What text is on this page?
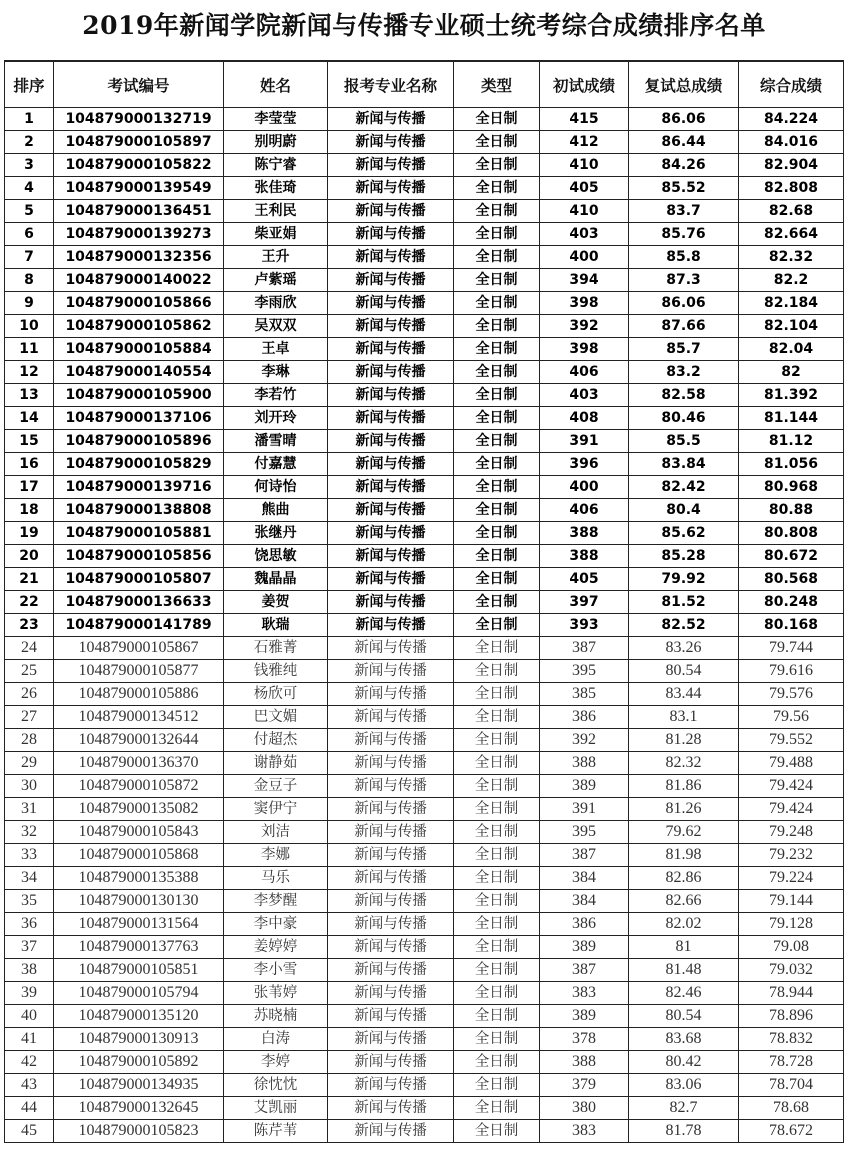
2019年新闻学院新闻与传播专业硕士统考综合成绩排序名单
排序	考试编号	姓名	报考专业名称	类型	初试成绩	复试总成绩	综合成绩
1	104879000132719	李莹莹	新闻与传播	全日制	415	86.06	84.224
2	104879000105897	别明蔚	新闻与传播	全日制	412	86.44	84.016
3	104879000105822	陈宁睿	新闻与传播	全日制	410	84.26	82.904
4	104879000139549	张佳琦	新闻与传播	全日制	405	85.52	82.808
5	104879000136451	王利民	新闻与传播	全日制	410	83.7	82.68
6	104879000139273	柴亚娟	新闻与传播	全日制	403	85.76	82.664
7	104879000132356	王升	新闻与传播	全日制	400	85.8	82.32
8	104879000140022	卢紫瑶	新闻与传播	全日制	394	87.3	82.2
9	104879000105866	李雨欣	新闻与传播	全日制	398	86.06	82.184
10	104879000105862	吴双双	新闻与传播	全日制	392	87.66	82.104
11	104879000105884	王卓	新闻与传播	全日制	398	85.7	82.04
12	104879000140554	李琳	新闻与传播	全日制	406	83.2	82
13	104879000105900	李若竹	新闻与传播	全日制	403	82.58	81.392
14	104879000137106	刘开玲	新闻与传播	全日制	408	80.46	81.144
15	104879000105896	潘雪晴	新闻与传播	全日制	391	85.5	81.12
16	104879000105829	付嘉慧	新闻与传播	全日制	396	83.84	81.056
17	104879000139716	何诗怡	新闻与传播	全日制	400	82.42	80.968
18	104879000138808	熊曲	新闻与传播	全日制	406	80.4	80.88
19	104879000105881	张继丹	新闻与传播	全日制	388	85.62	80.808
20	104879000105856	饶思敏	新闻与传播	全日制	388	85.28	80.672
21	104879000105807	魏晶晶	新闻与传播	全日制	405	79.92	80.568
22	104879000136633	姜贺	新闻与传播	全日制	397	81.52	80.248
23	104879000141789	耿瑞	新闻与传播	全日制	393	82.52	80.168
24	104879000105867	石雅菁	新闻与传播	全日制	387	83.26	79.744
25	104879000105877	钱雅纯	新闻与传播	全日制	395	80.54	79.616
26	104879000105886	杨欣可	新闻与传播	全日制	385	83.44	79.576
27	104879000134512	巴文媚	新闻与传播	全日制	386	83.1	79.56
28	104879000132644	付超杰	新闻与传播	全日制	392	81.28	79.552
29	104879000136370	谢静茹	新闻与传播	全日制	388	82.32	79.488
30	104879000105872	金豆子	新闻与传播	全日制	389	81.86	79.424
31	104879000135082	窦伊宁	新闻与传播	全日制	391	81.26	79.424
32	104879000105843	刘洁	新闻与传播	全日制	395	79.62	79.248
33	104879000105868	李娜	新闻与传播	全日制	387	81.98	79.232
34	104879000135388	马乐	新闻与传播	全日制	384	82.86	79.224
35	104879000130130	李梦醒	新闻与传播	全日制	384	82.66	79.144
36	104879000131564	李中豪	新闻与传播	全日制	386	82.02	79.128
37	104879000137763	姜婷婷	新闻与传播	全日制	389	81	79.08
38	104879000105851	李小雪	新闻与传播	全日制	387	81.48	79.032
39	104879000105794	张苇婷	新闻与传播	全日制	383	82.46	78.944
40	104879000135120	苏晓楠	新闻与传播	全日制	389	80.54	78.896
41	104879000130913	白涛	新闻与传播	全日制	378	83.68	78.832
42	104879000105892	李婷	新闻与传播	全日制	388	80.42	78.728
43	104879000134935	徐忱忱	新闻与传播	全日制	379	83.06	78.704
44	104879000132645	艾凯丽	新闻与传播	全日制	380	82.7	78.68
45	104879000105823	陈芹苇	新闻与传播	全日制	383	81.78	78.672
